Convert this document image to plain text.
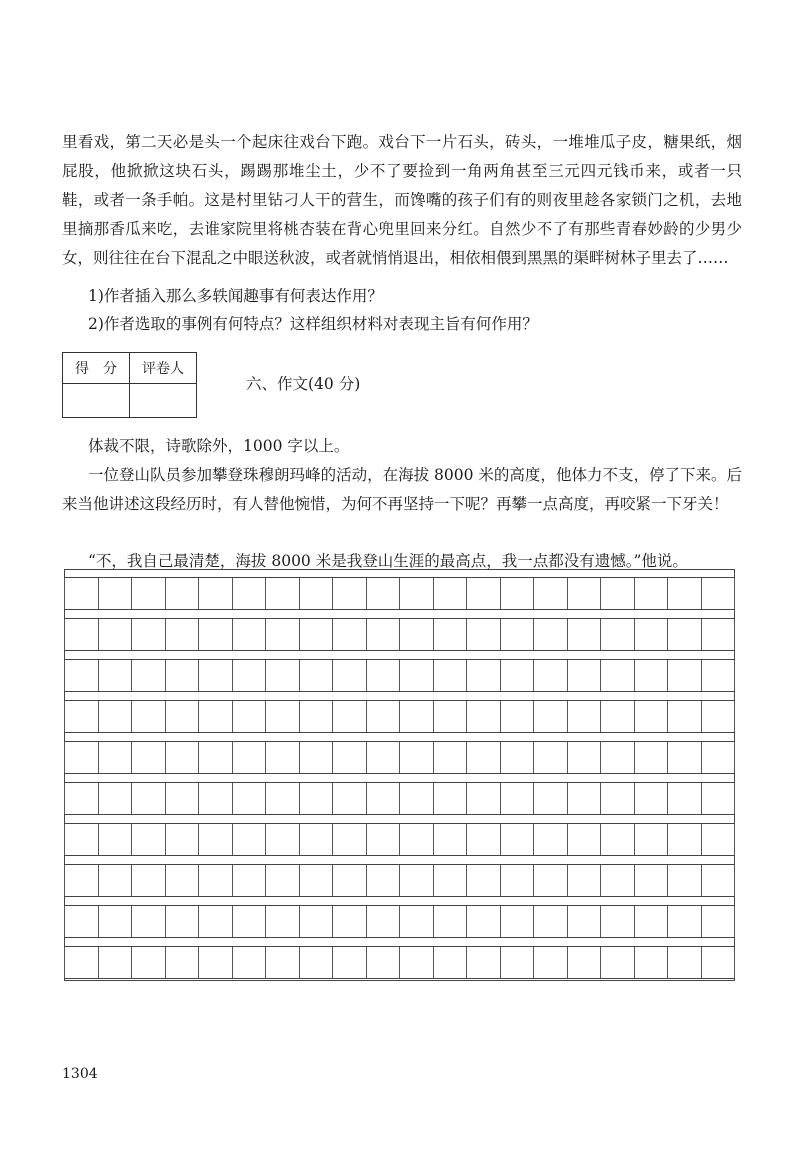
里看戏，第二天必是头一个起床往戏台下跑。戏台下一片石头，砖头，一堆堆瓜子皮，糖果纸，烟屁股，他掀掀这块石头，踢踢那堆尘土，少不了要捡到一角两角甚至三元四元钱币来，或者一只鞋，或者一条手帕。这是村里钻刁人干的营生，而馋嘴的孩子们有的则夜里趁各家锁门之机，去地里摘那香瓜来吃，去谁家院里将桃杏装在背心兜里回来分红。自然少不了有那些青春妙龄的少男少女，则往往在台下混乱之中眼送秋波，或者就悄悄退出，相依相偎到黑黑的渠畔树林子里去了……

1)作者插入那么多轶闻趣事有何表达作用？

2)作者选取的事例有何特点？这样组织材料对表现主旨有何作用？

得　分	评卷人

六、作文(40 分)

体裁不限，诗歌除外，1000 字以上。

一位登山队员参加攀登珠穆朗玛峰的活动，在海拔 8000 米的高度，他体力不支，停了下来。后来当他讲述这段经历时，有人替他惋惜，为何不再坚持一下呢？再攀一点高度，再咬紧一下牙关！

“不，我自己最清楚，海拔 8000 米是我登山生涯的最高点，我一点都没有遗憾。”他说。

1304
